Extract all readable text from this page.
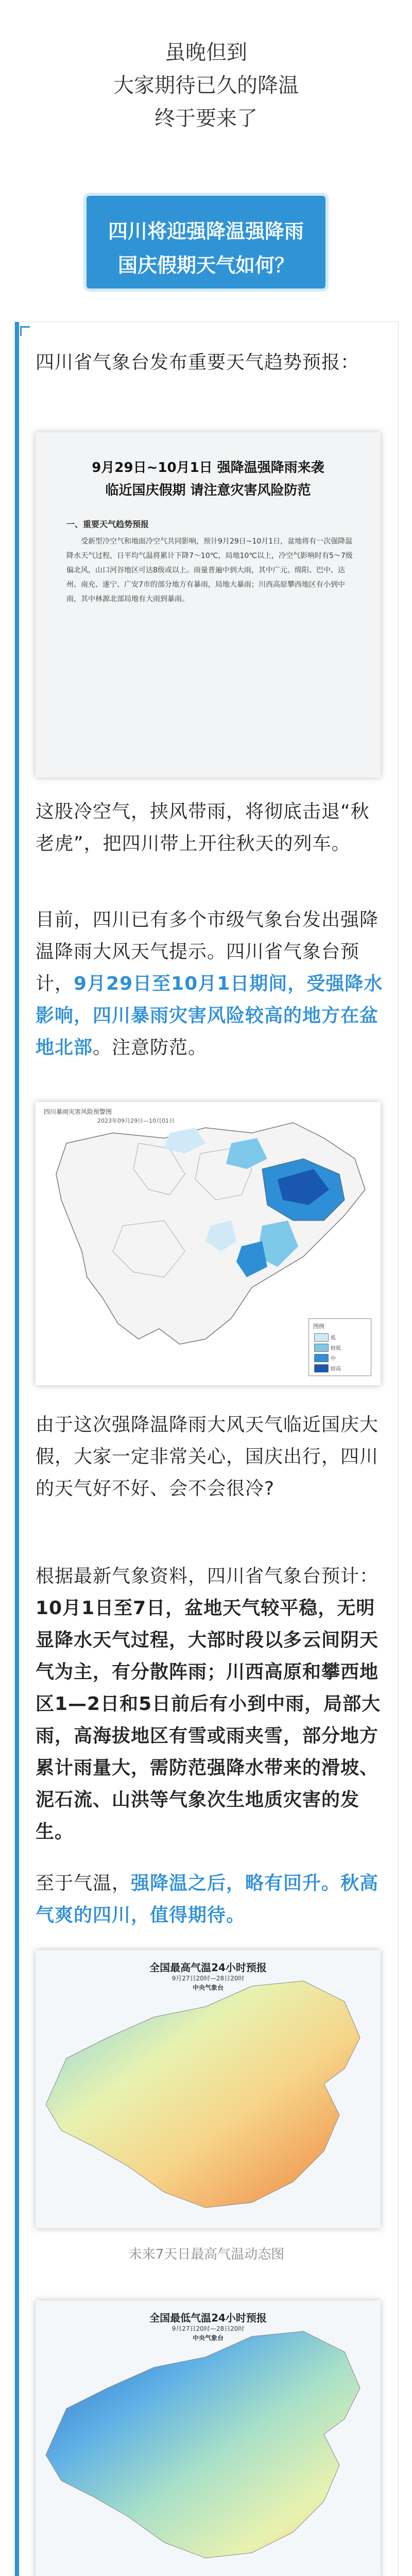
虽晚但到

大家期待已久的降温

终于要来了

四川将迎强降温强降雨
国庆假期天气如何？

四川省气象台发布重要天气趋势预报：

9月29日~10月1日 强降温强降雨来袭
临近国庆假期 请注意灾害风险防范
一、重要天气趋势预报
受新型冷空气和地面冷空气共同影响，预计9月29日~10月1日，盆地将有一次强降温降水天气过程，日平均气温将累计下降7～10℃，局地10℃以上，冷空气影响时有5～7级偏北风，山口河谷地区可达8级或以上。雨量普遍中到大雨，其中广元、绵阳、巴中、达州、南充、遂宁、广安7市的部分地方有暴雨，局地大暴雨；川西高原攀西地区有小到中雨，其中林源北部局地有大雨到暴雨。

这股冷空气，挟风带雨，将彻底击退“秋老虎”，把四川带上开往秋天的列车。

目前，四川已有多个市级气象台发出强降温降雨大风天气提示。四川省气象台预计，9月29日至10月1日期间，受强降水影响，四川暴雨灾害风险较高的地方在盆地北部。注意防范。

四川暴雨灾害风险预警图
2023年09月29日—10月01日
图例
低
较低
中
较高

由于这次强降温降雨大风天气临近国庆大假，大家一定非常关心，国庆出行，四川的天气好不好、会不会很冷?

根据最新气象资料，四川省气象台预计：10月1日至7日，盆地天气较平稳，无明显降水天气过程，大部时段以多云间阴天气为主，有分散阵雨；川西高原和攀西地区1—2日和5日前后有小到中雨，局部大雨，高海拔地区有雪或雨夹雪，部分地方累计雨量大，需防范强降水带来的滑坡、泥石流、山洪等气象次生地质灾害的发生。

至于气温，强降温之后，略有回升。秋高气爽的四川，值得期待。

全国最高气温24小时预报
9月27日20时—28日20时
中央气象台
未来7天日最高气温动态图
全国最低气温24小时预报
9月27日20时—28日20时
中央气象台
